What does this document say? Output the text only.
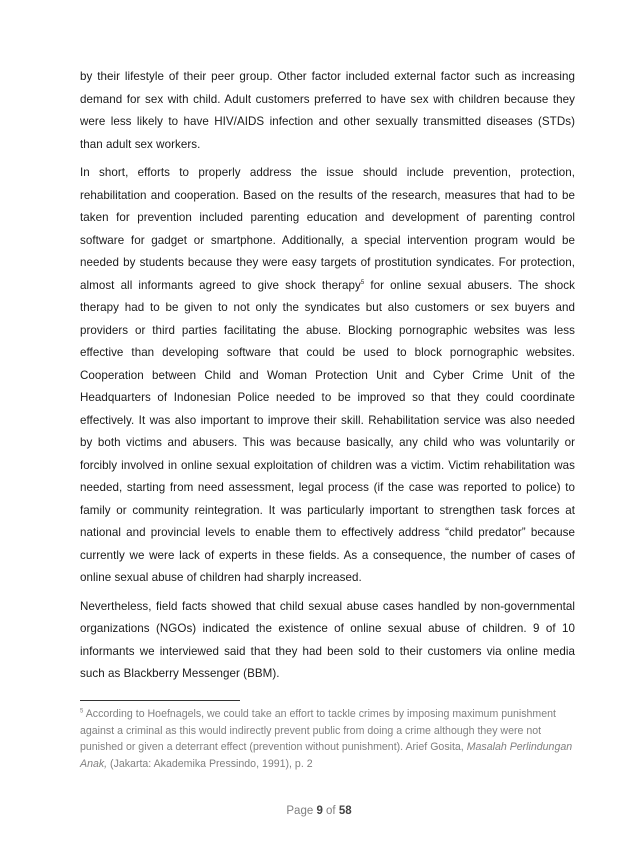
by their lifestyle of their peer group. Other factor included external factor such as increasing demand for sex with child. Adult customers preferred to have sex with children because they were less likely to have HIV/AIDS infection and other sexually transmitted diseases (STDs) than adult sex workers.

In short, efforts to properly address the issue should include prevention, protection, rehabilitation and cooperation. Based on the results of the research, measures that had to be taken for prevention included parenting education and development of parenting control software for gadget or smartphone. Additionally, a special intervention program would be needed by students because they were easy targets of prostitution syndicates. For protection, almost all informants agreed to give shock therapy$^5$ for online sexual abusers. The shock therapy had to be given to not only the syndicates but also customers or sex buyers and providers or third parties facilitating the abuse. Blocking pornographic websites was less effective than developing software that could be used to block pornographic websites. Cooperation between Child and Woman Protection Unit and Cyber Crime Unit of the Headquarters of Indonesian Police needed to be improved so that they could coordinate effectively. It was also important to improve their skill. Rehabilitation service was also needed by both victims and abusers. This was because basically, any child who was voluntarily or forcibly involved in online sexual exploitation of children was a victim. Victim rehabilitation was needed, starting from need assessment, legal process (if the case was reported to police) to family or community reintegration. It was particularly important to strengthen task forces at national and provincial levels to enable them to effectively address “child predator” because currently we were lack of experts in these fields. As a consequence, the number of cases of online sexual abuse of children had sharply increased.

Nevertheless, field facts showed that child sexual abuse cases handled by non-governmental organizations (NGOs) indicated the existence of online sexual abuse of children. 9 of 10 informants we interviewed said that they had been sold to their customers via online media such as Blackberry Messenger (BBM).

$^5$ According to Hoefnagels, we could take an effort to tackle crimes by imposing maximum punishment against a criminal as this would indirectly prevent public from doing a crime although they were not punished or given a deterrant effect (prevention without punishment). Arief Gosita, Masalah Perlindungan Anak, (Jakarta: Akademika Pressindo, 1991), p. 2
Page 9 of 58
